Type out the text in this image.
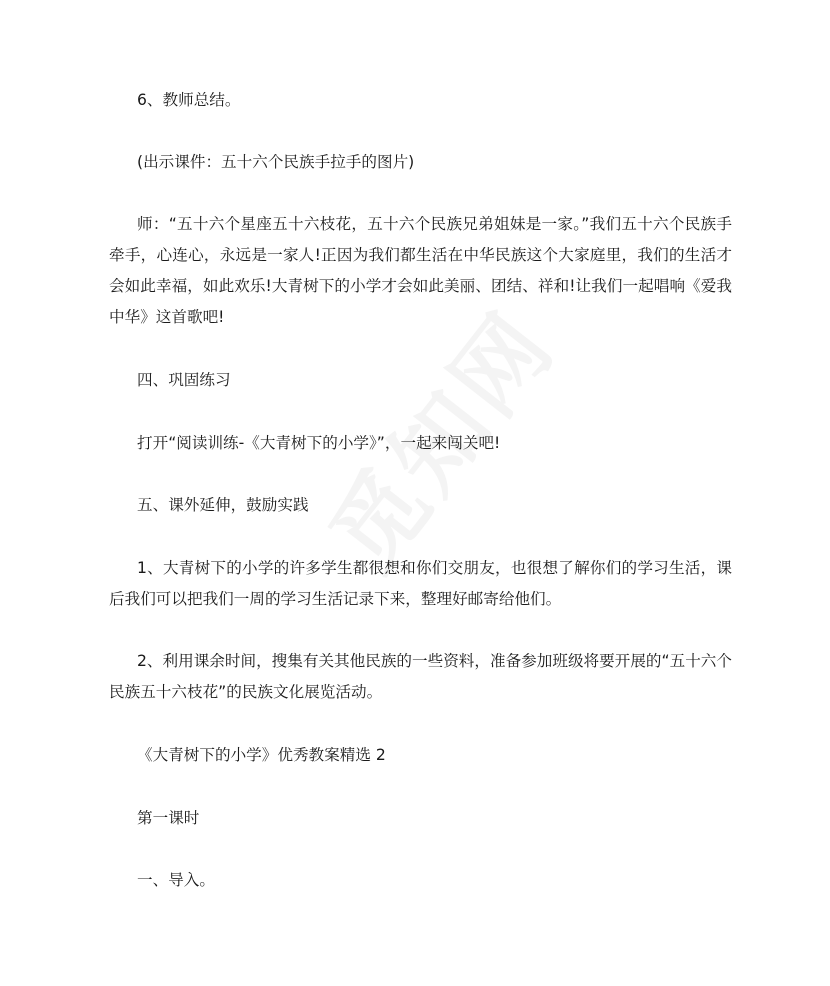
6、教师总结。

(出示课件：五十六个民族手拉手的图片)

师：“五十六个星座五十六枝花，五十六个民族兄弟姐妹是一家。”我们五十六个民族手牵手，心连心，永远是一家人!正因为我们都生活在中华民族这个大家庭里，我们的生活才会如此幸福，如此欢乐!大青树下的小学才会如此美丽、团结、祥和!让我们一起唱响《爱我中华》这首歌吧!

四、巩固练习

打开“阅读训练-《大青树下的小学》”，一起来闯关吧!

五、课外延伸，鼓励实践

1、大青树下的小学的许多学生都很想和你们交朋友，也很想了解你们的学习生活，课后我们可以把我们一周的学习生活记录下来，整理好邮寄给他们。

2、利用课余时间，搜集有关其他民族的一些资料，准备参加班级将要开展的“五十六个民族五十六枝花”的民族文化展览活动。

《大青树下的小学》优秀教案精选 2

第一课时

一、导入。
